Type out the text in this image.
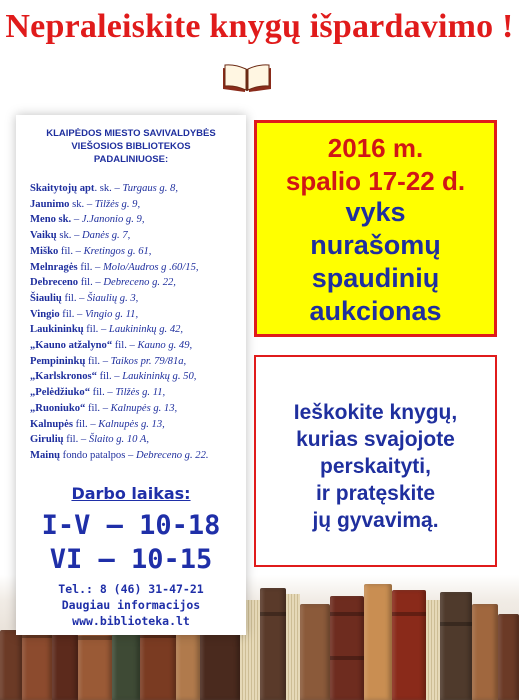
Nepraleiskite knygų išpardavimo !
KLAIPĖDOS MIESTO SAVIVALDYBĖS
VIEŠOSIOS BIBLIOTEKOS
PADALINIUOSE:
Skaitytojų apt. sk. – Turgaus g. 8,
Jaunimo sk. – Tilžės g. 9,
Meno sk. – J.Janonio g. 9,
Vaikų sk. – Danės g. 7,
Miško fil. – Kretingos g. 61,
Melnragės fil. – Molo/Audros g .60/15,
Debreceno fil. – Debreceno g. 22,
Šiaulių fil. – Šiaulių g. 3,
Vingio fil. – Vingio g. 11,
Laukininkų fil. – Laukininkų g. 42,
„Kauno atžalyno“ fil. – Kauno g. 49,
Pempininkų fil. – Taikos pr. 79/81a,
„Karlskronos“ fil. – Laukininkų g. 50,
„Pelėdžiuko“ fil. – Tilžės g. 11,
„Ruoniuko“ fil. – Kalnupės g. 13,
Kalnupės fil. – Kalnupės g. 13,
Girulių fil. – Šlaito g. 10 A,
Mainų fondo patalpos – Debreceno g. 22.
Darbo laikas:
I-V – 10-18
VI – 10-15
Tel.: 8 (46) 31-47-21
Daugiau informacijos
www.biblioteka.lt
2016 m.
spalio 17-22 d.
vyks
nurašomų
spaudinių
aukcionas
Ieškokite knygų,
kurias svajojote
perskaityti,
ir pratęskite
jų gyvavimą.
